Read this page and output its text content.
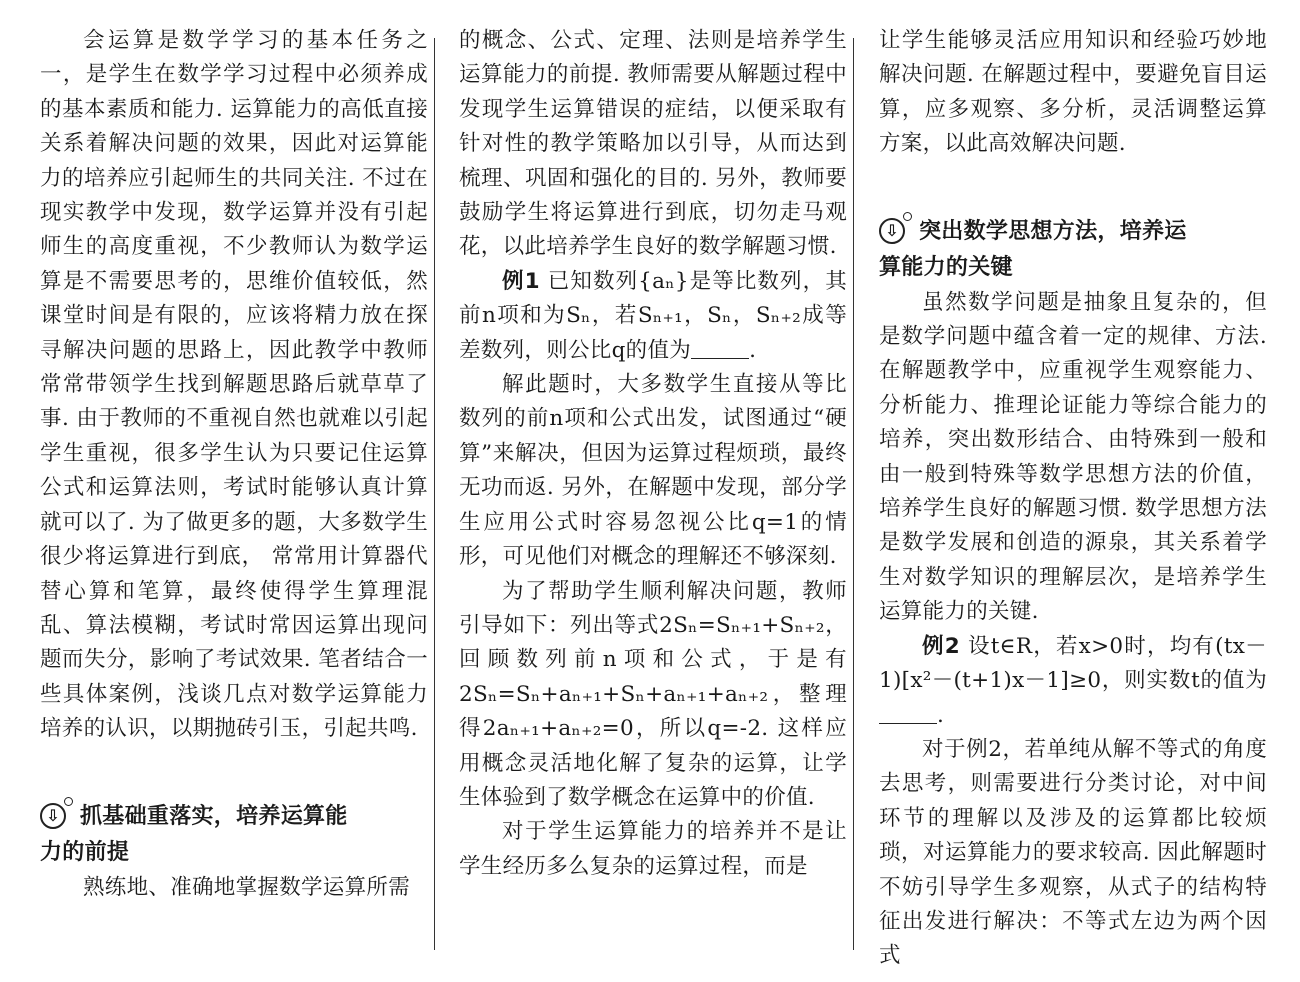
会运算是数学学习的基本任务之一，是学生在数学学习过程中必须养成的基本素质和能力. 运算能力的高低直接关系着解决问题的效果，因此对运算能力的培养应引起师生的共同关注. 不过在现实教学中发现，数学运算并没有引起师生的高度重视，不少教师认为数学运算是不需要思考的，思维价值较低，然课堂时间是有限的，应该将精力放在探寻解决问题的思路上，因此教学中教师常常带领学生找到解题思路后就草草了事. 由于教师的不重视自然也就难以引起学生重视，很多学生认为只要记住运算公式和运算法则，考试时能够认真计算就可以了. 为了做更多的题，大多数学生很少将运算进行到底， 常常用计算器代替心算和笔算，最终使得学生算理混乱、算法模糊，考试时常因运算出现问题而失分，影响了考试效果. 笔者结合一些具体案例，浅谈几点对数学运算能力培养的认识，以期抛砖引玉，引起共鸣.

⇩ 抓基础重落实，培养运算能
力的前提

熟练地、准确地掌握数学运算所需

的概念、公式、定理、法则是培养学生运算能力的前提. 教师需要从解题过程中发现学生运算错误的症结，以便采取有针对性的教学策略加以引导，从而达到梳理、巩固和强化的目的. 另外，教师要鼓励学生将运算进行到底，切勿走马观花，以此培养学生良好的数学解题习惯.

例1 已知数列{aₙ}是等比数列，其前n项和为Sₙ，若Sₙ₊₁，Sₙ，Sₙ₊₂成等差数列，则公比q的值为	.

解此题时，大多数学生直接从等比数列的前n项和公式出发，试图通过“硬算”来解决，但因为运算过程烦琐，最终无功而返. 另外，在解题中发现，部分学生应用公式时容易忽视公比q=1的情形，可见他们对概念的理解还不够深刻.

为了帮助学生顺利解决问题，教师引导如下：列出等式2Sₙ=Sₙ₊₁+Sₙ₊₂，回顾数列前n项和公式，于是有2Sₙ=Sₙ+aₙ₊₁+Sₙ+aₙ₊₁+aₙ₊₂，整理得2aₙ₊₁+aₙ₊₂=0，所以q=-2. 这样应用概念灵活地化解了复杂的运算，让学生体验到了数学概念在运算中的价值.

对于学生运算能力的培养并不是让学生经历多么复杂的运算过程，而是

让学生能够灵活应用知识和经验巧妙地解决问题. 在解题过程中，要避免盲目运算，应多观察、多分析，灵活调整运算方案，以此高效解决问题.

⇩ 突出数学思想方法，培养运
算能力的关键

虽然数学问题是抽象且复杂的，但是数学问题中蕴含着一定的规律、方法. 在解题教学中，应重视学生观察能力、分析能力、推理论证能力等综合能力的培养，突出数形结合、由特殊到一般和由一般到特殊等数学思想方法的价值，培养学生良好的解题习惯. 数学思想方法是数学发展和创造的源泉，其关系着学生对数学知识的理解层次，是培养学生运算能力的关键.

例2 设t∈R，若x>0时，均有(tx－1)[x²－(t+1)x－1]≥0，则实数t的值为.

对于例2，若单纯从解不等式的角度去思考，则需要进行分类讨论，对中间环节的理解以及涉及的运算都比较烦琐，对运算能力的要求较高. 因此解题时不妨引导学生多观察，从式子的结构特征出发进行解决：不等式左边为两个因式
